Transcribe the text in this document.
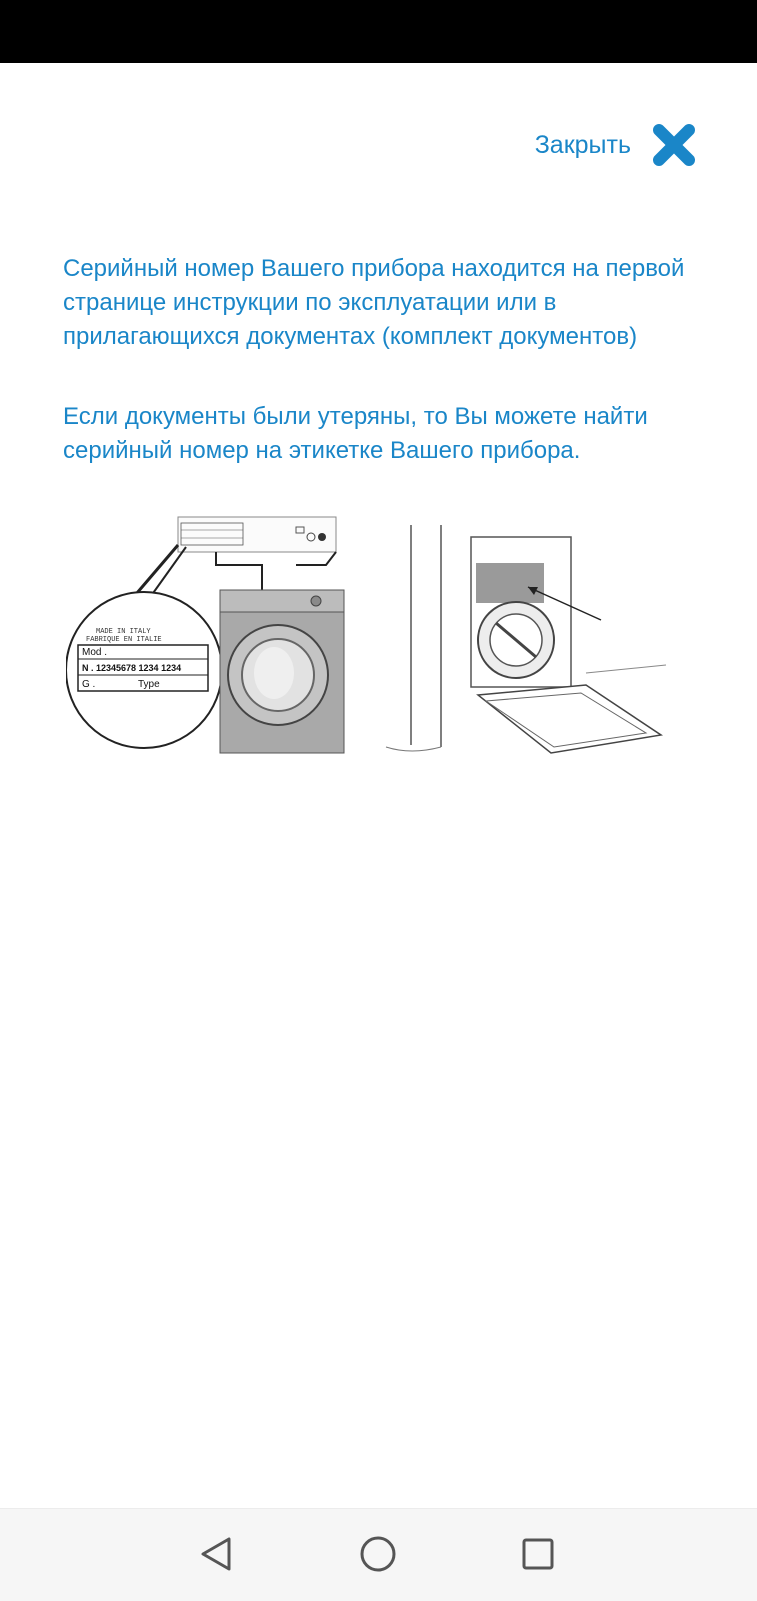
Закрыть

Серийный номер Вашего прибора находится на первой странице инструкции по эксплуатации или в прилагающихся документах (комплект документов)

Если документы были утеряны, то Вы можете найти серийный номер на этикетке Вашего прибора.

MADE IN ITALY
FABRIQUE EN ITALIE
Mod .
N . 12345678 1234 1234
G .	Type
